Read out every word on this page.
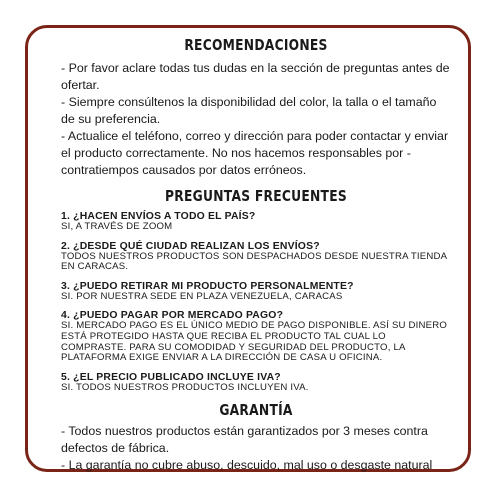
RECOMENDACIONES

- Por favor aclare todas tus dudas en la sección de preguntas antes de ofertar.

- Siempre consúltenos la disponibilidad del color, la talla o el tamaño de su preferencia.

- Actualice el teléfono, correo y dirección para poder contactar y enviar el producto correctamente. No nos hacemos responsables por -contratiempos causados por datos erróneos.

PREGUNTAS FRECUENTES

1. ¿HACEN ENVÍOS A TODO EL PAÍS?

SI, A TRAVÉS DE ZOOM

2. ¿DESDE QUÉ CIUDAD REALIZAN LOS ENVÍOS?

TODOS NUESTROS PRODUCTOS SON DESPACHADOS DESDE NUESTRA TIENDA EN CARACAS.

3. ¿PUEDO RETIRAR MI PRODUCTO PERSONALMENTE?

SI. POR NUESTRA SEDE EN PLAZA VENEZUELA, CARACAS

4. ¿PUEDO PAGAR POR MERCADO PAGO?

SI. MERCADO PAGO ES EL ÚNICO MEDIO DE PAGO DISPONIBLE. ASÍ SU DINERO ESTÁ PROTEGIDO HASTA QUE RECIBA EL PRODUCTO TAL CUAL LO COMPRASTE. PARA SU COMODIDAD Y SEGURIDAD DEL PRODUCTO, LA PLATAFORMA EXIGE ENVIAR A LA DIRECCIÓN DE CASA U OFICINA.

5. ¿EL PRECIO PUBLICADO INCLUYE IVA?

SI. TODOS NUESTROS PRODUCTOS INCLUYEN IVA.

GARANTÍA

- Todos nuestros productos están garantizados por 3 meses contra defectos de fábrica.

- La garantía no cubre abuso, descuido, mal uso o desgaste natural
